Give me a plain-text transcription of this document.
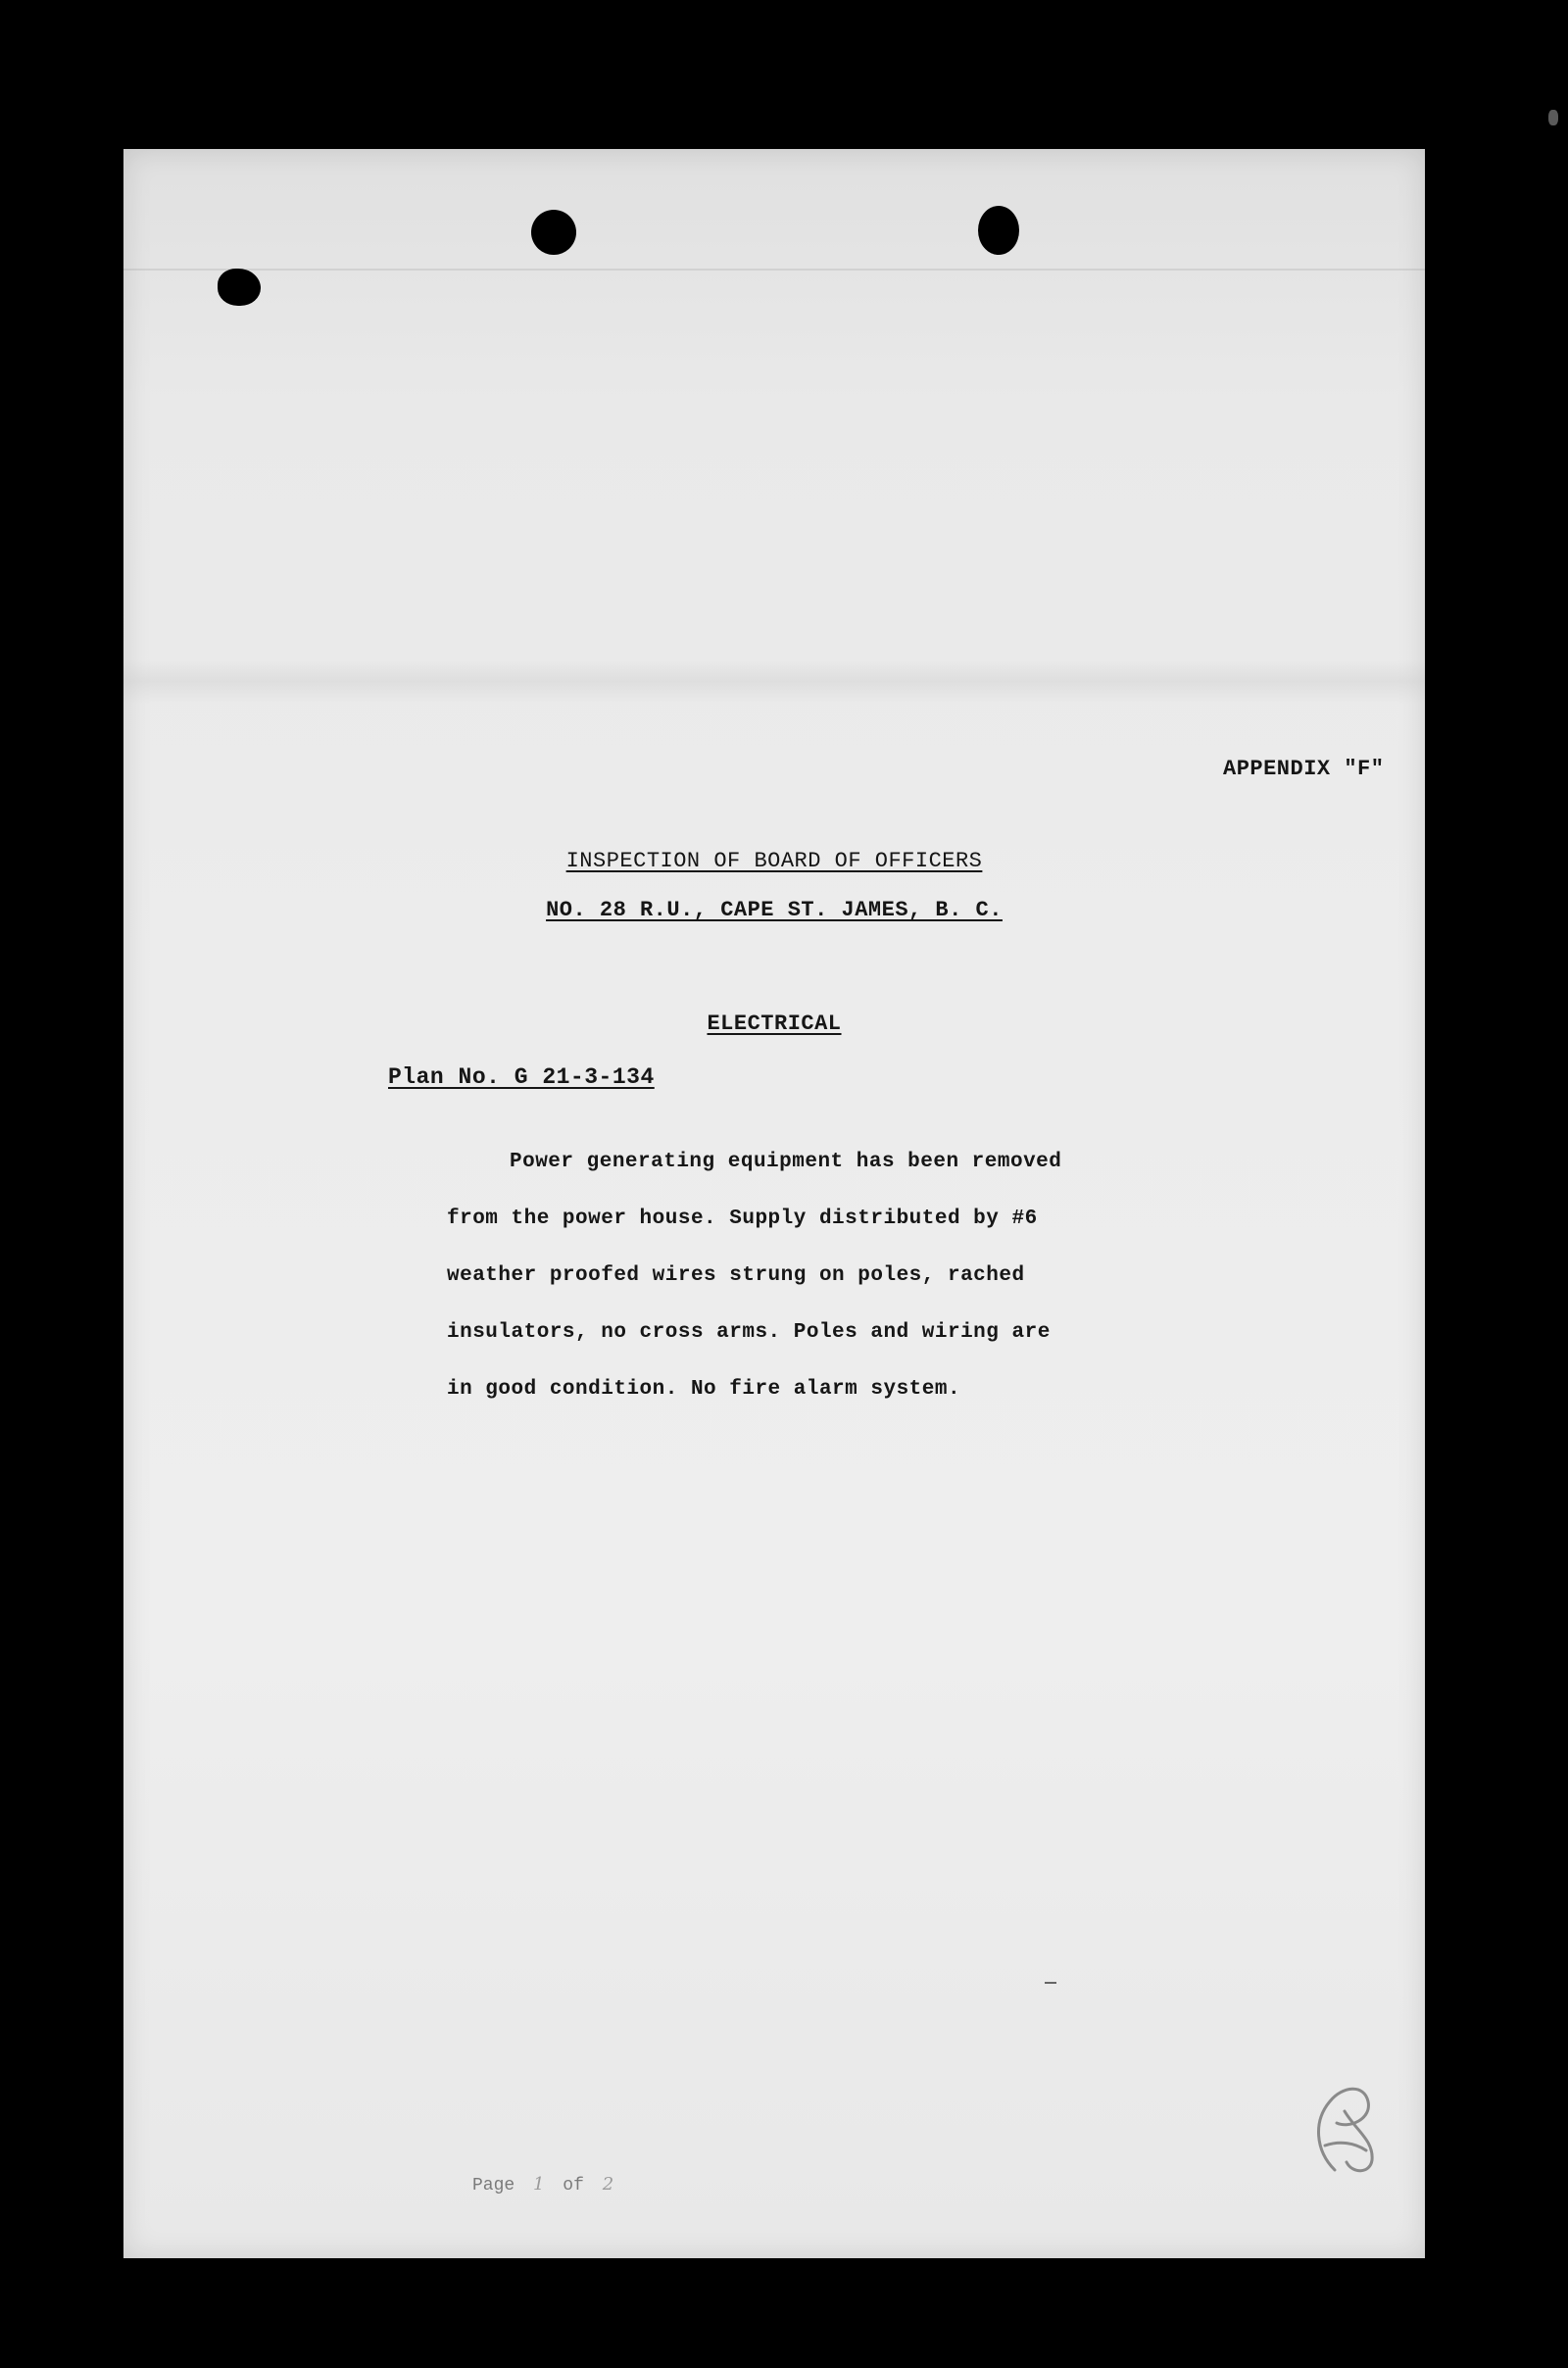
APPENDIX "F"
INSPECTION OF BOARD OF OFFICERS
NO. 28 R.U., CAPE ST. JAMES, B. C.
ELECTRICAL
Plan No. G 21-3-134
Power generating equipment has been removed
from the power house. Supply distributed by #6
weather proofed wires strung on poles, rached
insulators, no cross arms. Poles and wiring are
in good condition. No fire alarm system.
Page 1 of 2
